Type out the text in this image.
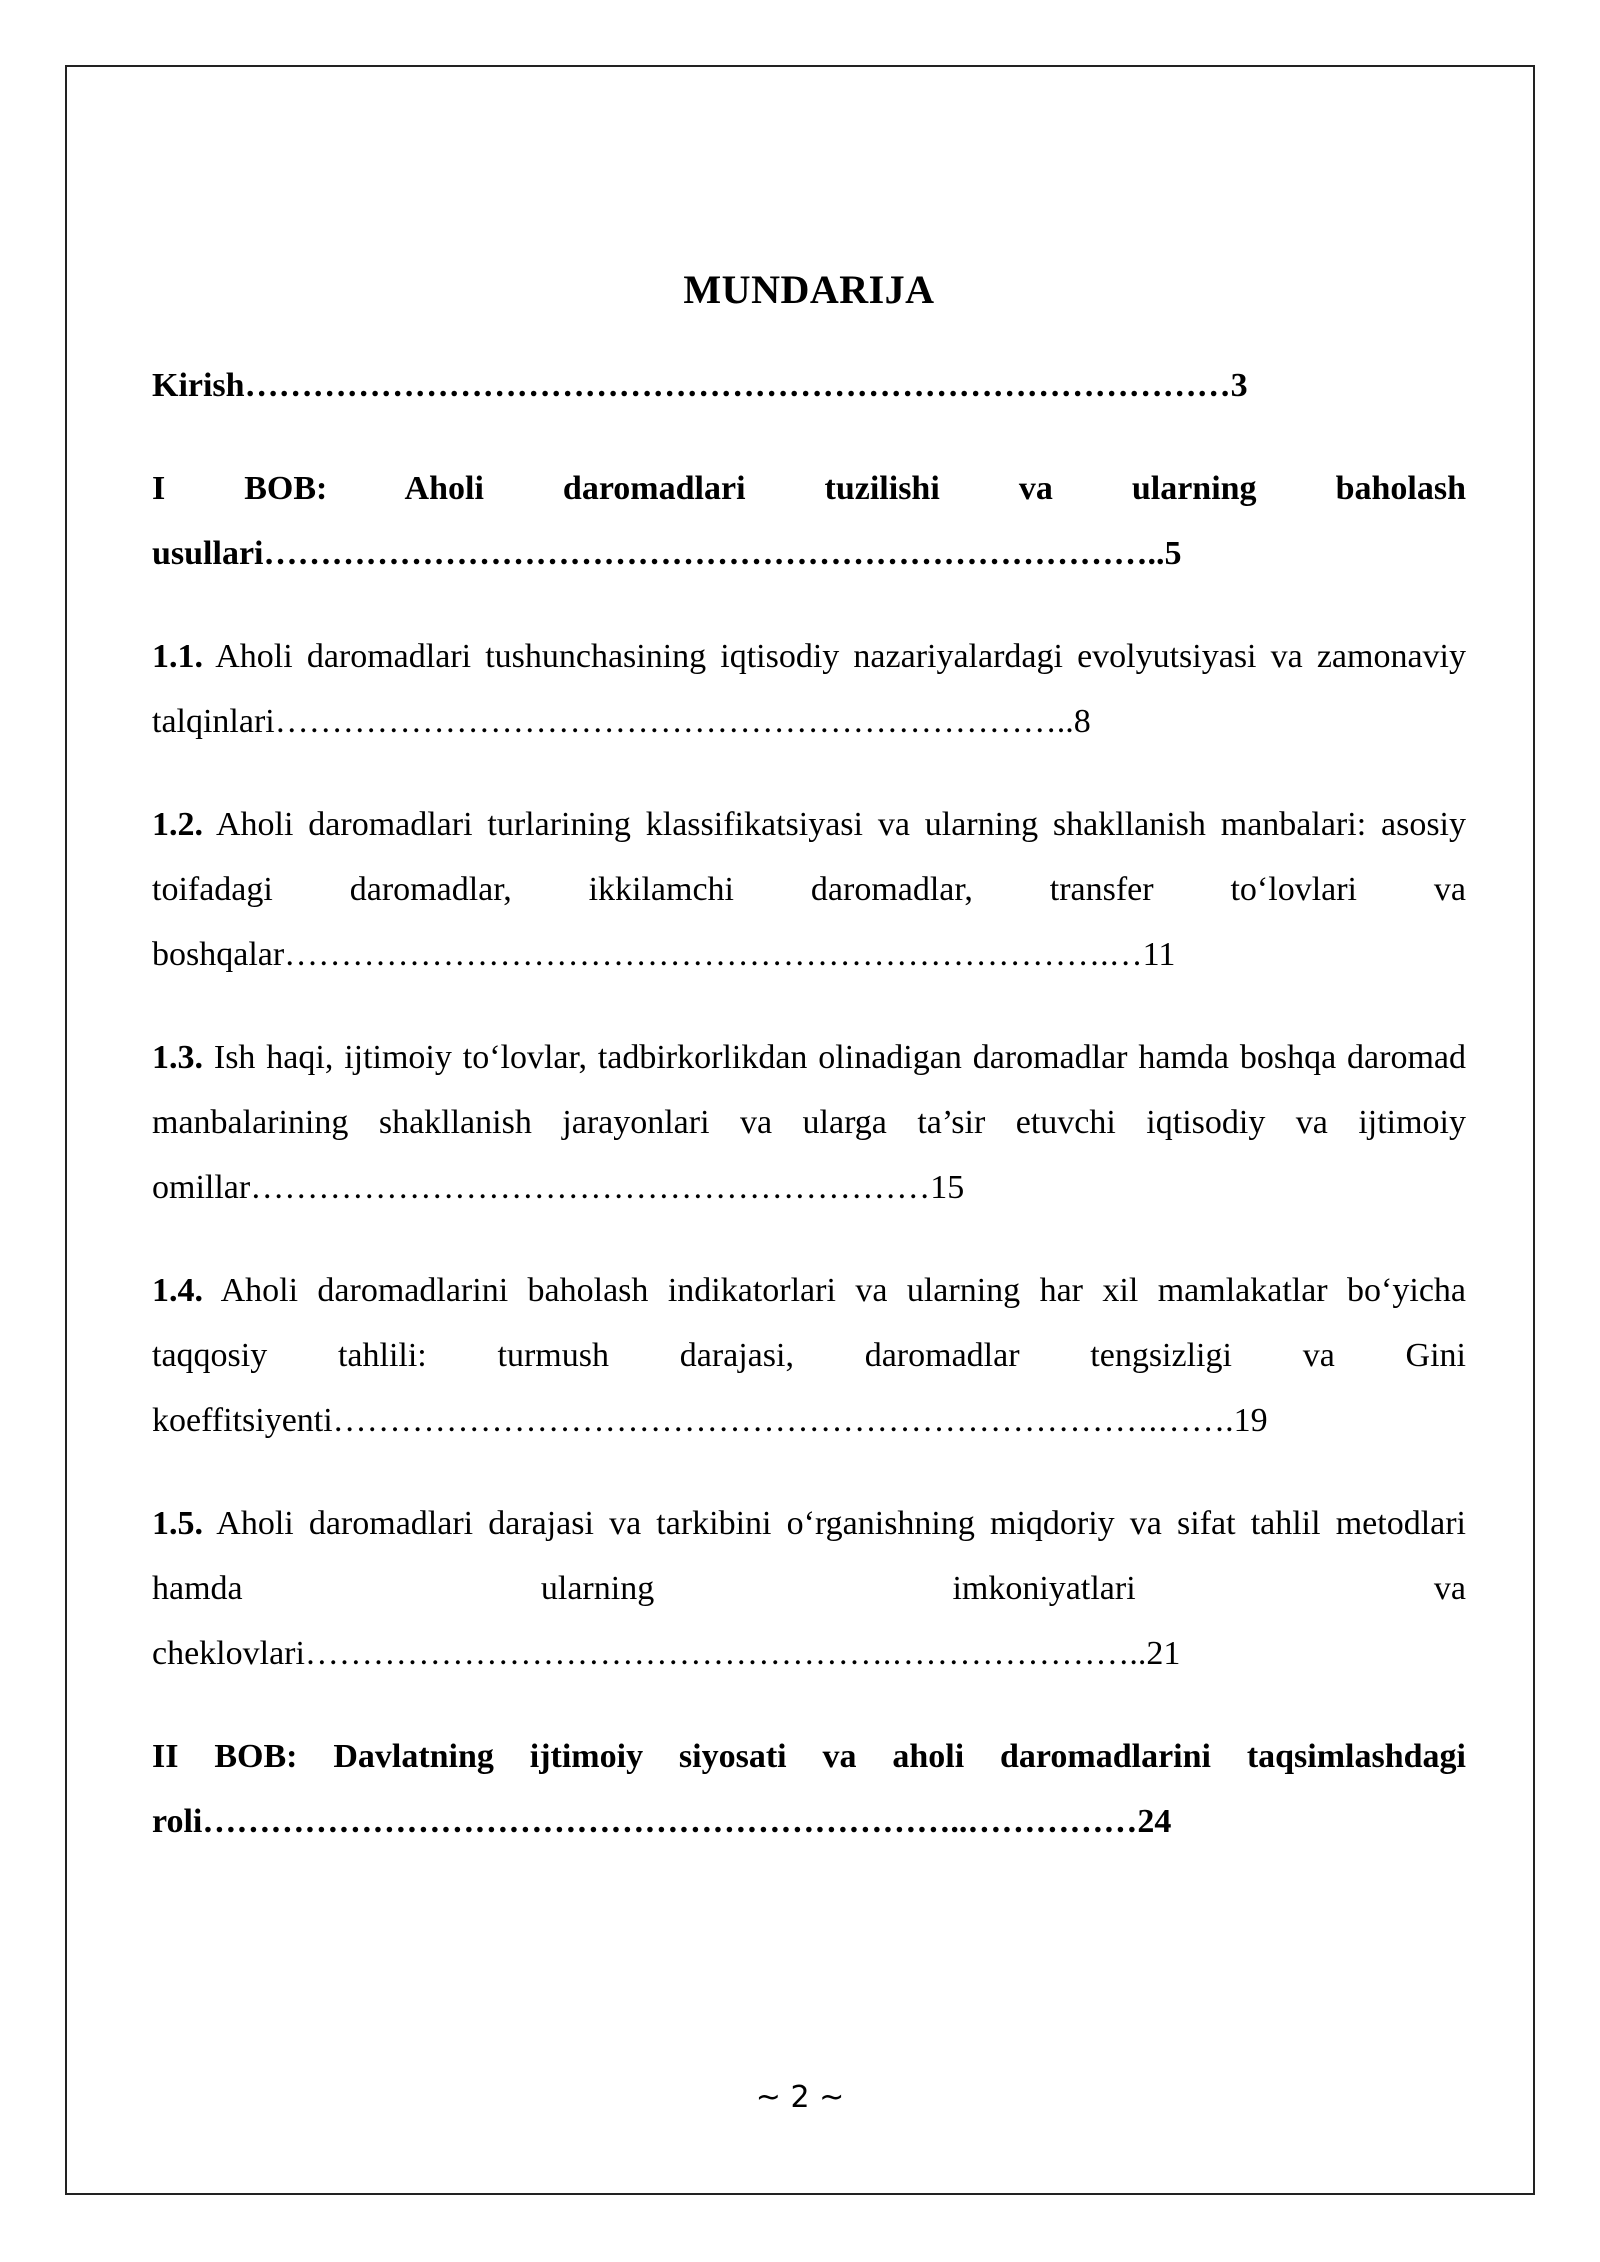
MUNDARIJA
Kirish……………………………………………………………………………3
I BOB: Aholi daromadlari tuzilishi va ularning baholash usullari……………………………………………………………………..5
1.1. Aholi daromadlari tushunchasining iqtisodiy nazariyalardagi evolyutsiyasi va zamonaviy talqinlari……………………………………………………………..8
1.2. Aholi daromadlari turlarining klassifikatsiyasi va ularning shakllanish manbalari: asosiy toifadagi daromadlar, ikkilamchi daromadlar, transfer to‘lovlari va boshqalar……………………………………………………………….…11
1.3. Ish haqi, ijtimoiy to‘lovlar, tadbirkorlikdan olinadigan daromadlar hamda boshqa daromad manbalarining shakllanish jarayonlari va ularga ta’sir etuvchi iqtisodiy va ijtimoiy omillar……………………………………………………15
1.4. Aholi daromadlarini baholash indikatorlari va ularning har xil mamlakatlar bo‘yicha taqqosiy tahlili: turmush darajasi, daromadlar tengsizligi va Gini koeffitsiyenti……………………………………………………………….…….19
1.5. Aholi daromadlari darajasi va tarkibini o‘rganishning miqdoriy va sifat tahlil metodlari hamda ularning imkoniyatlari va cheklovlari…………………………………………….…………………..21
II BOB: Davlatning ijtimoiy siyosati va aholi daromadlarini taqsimlashdagi roli…………………………………………………………..……………24
~ 2 ~
